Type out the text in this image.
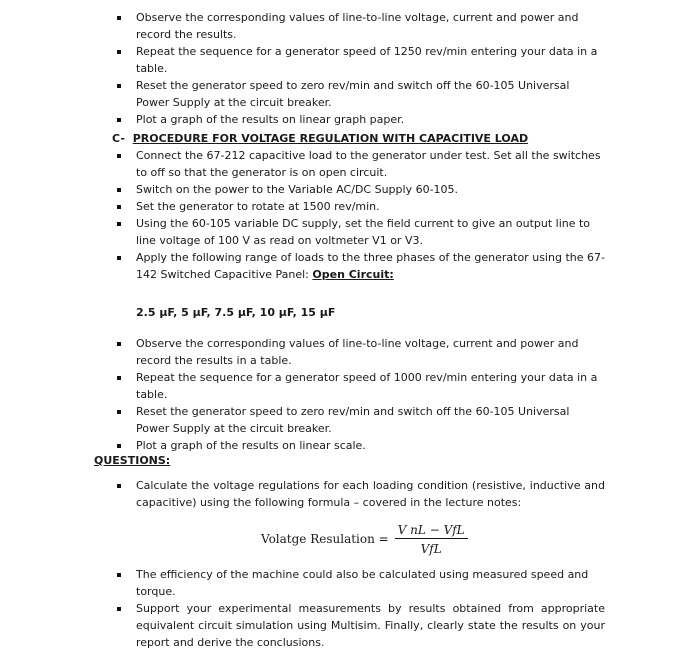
Observe the corresponding values of line-to-line voltage, current and power and record the results.
Repeat the sequence for a generator speed of 1250 rev/min entering your data in a table.
Reset the generator speed to zero rev/min and switch off the 60-105 Universal Power Supply at the circuit breaker.
Plot a graph of the results on linear graph paper.
C- PROCEDURE FOR VOLTAGE REGULATION WITH CAPACITIVE LOAD
Connect the 67-212 capacitive load to the generator under test. Set all the switches to off so that the generator is on open circuit.
Switch on the power to the Variable AC/DC Supply 60-105.
Set the generator to rotate at 1500 rev/min.
Using the 60-105 variable DC supply, set the field current to give an output line to line voltage of 100 V as read on voltmeter V1 or V3.
Apply the following range of loads to the three phases of the generator using the 67-142 Switched Capacitive Panel: Open Circuit:
2.5 μF, 5 μF, 7.5 μF, 10 μF, 15 μF
Observe the corresponding values of line-to-line voltage, current and power and record the results in a table.
Repeat the sequence for a generator speed of 1000 rev/min entering your data in a table.
Reset the generator speed to zero rev/min and switch off the 60-105 Universal Power Supply at the circuit breaker.
Plot a graph of the results on linear scale.
QUESTIONS:
Calculate the voltage regulations for each loading condition (resistive, inductive and capacitive) using the following formula – covered in the lecture notes:
Volatge Resulation = $\frac{\text{V nL − VfL}}{\text{VfL}}$
The efficiency of the machine could also be calculated using measured speed and torque.
Support your experimental measurements by results obtained from appropriate equivalent circuit simulation using Multisim. Finally, clearly state the results on your report and derive the conclusions.
